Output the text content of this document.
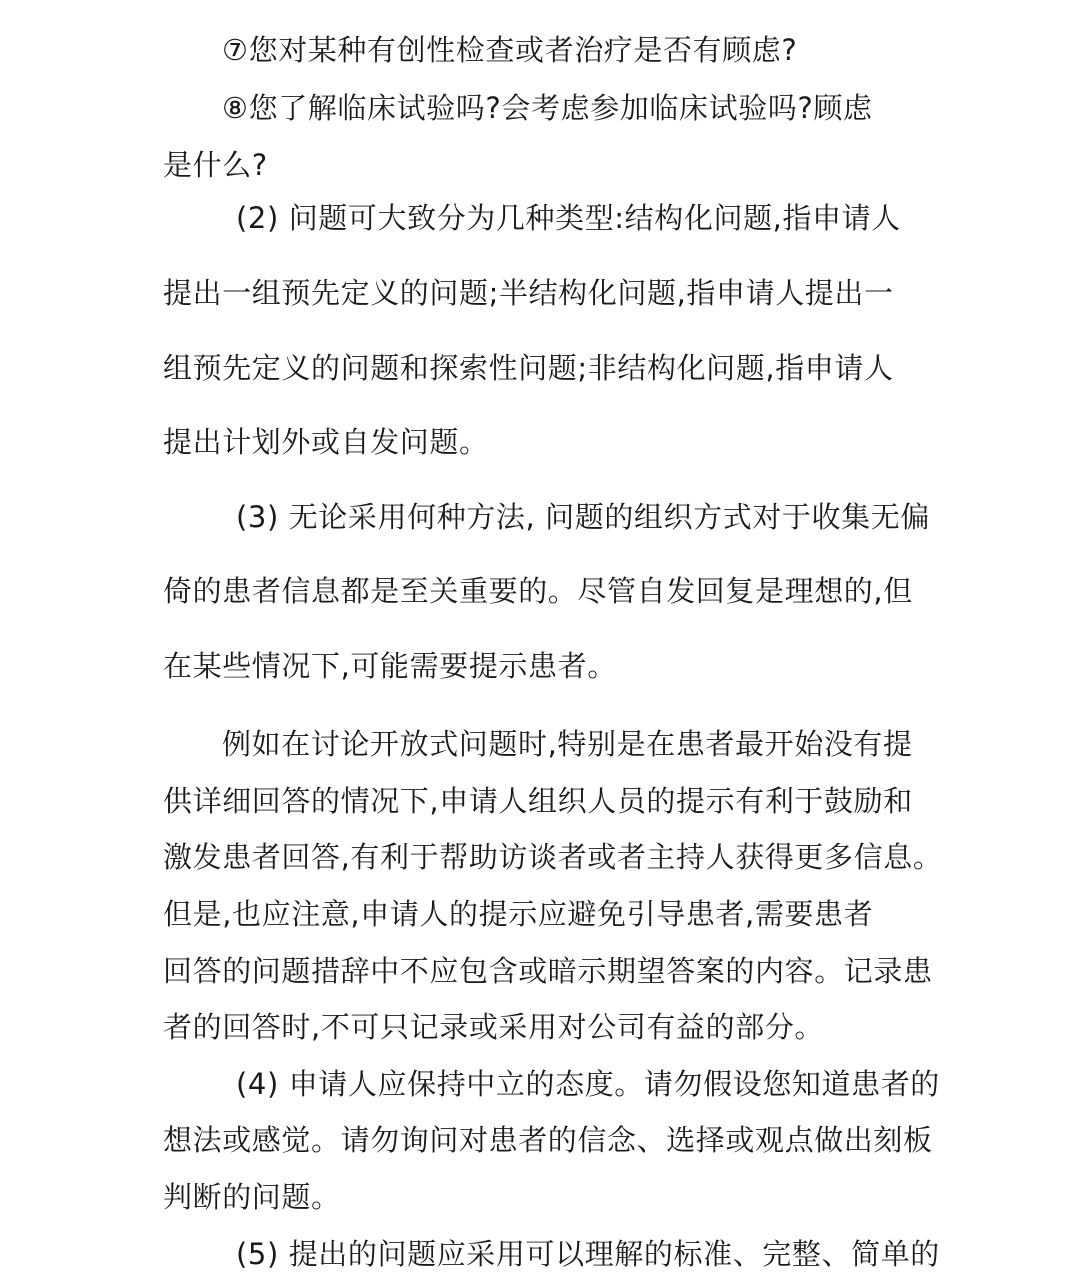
⑦您对某种有创性检查或者治疗是否有顾虑?
⑧您了解临床试验吗?会考虑参加临床试验吗?顾虑
是什么?
(2) 问题可大致分为几种类型:结构化问题,指申请人
提出一组预先定义的问题;半结构化问题,指申请人提出一
组预先定义的问题和探索性问题;非结构化问题,指申请人
提出计划外或自发问题。
(3) 无论采用何种方法, 问题的组织方式对于收集无偏
倚的患者信息都是至关重要的。尽管自发回复是理想的,但
在某些情况下,可能需要提示患者。
例如在讨论开放式问题时,特别是在患者最开始没有提
供详细回答的情况下,申请人组织人员的提示有利于鼓励和
激发患者回答,有利于帮助访谈者或者主持人获得更多信息。
但是,也应注意,申请人的提示应避免引导患者,需要患者
回答的问题措辞中不应包含或暗示期望答案的内容。记录患
者的回答时,不可只记录或采用对公司有益的部分。
(4) 申请人应保持中立的态度。请勿假设您知道患者的
想法或感觉。请勿询问对患者的信念、选择或观点做出刻板
判断的问题。
(5) 提出的问题应采用可以理解的标准、完整、简单的
